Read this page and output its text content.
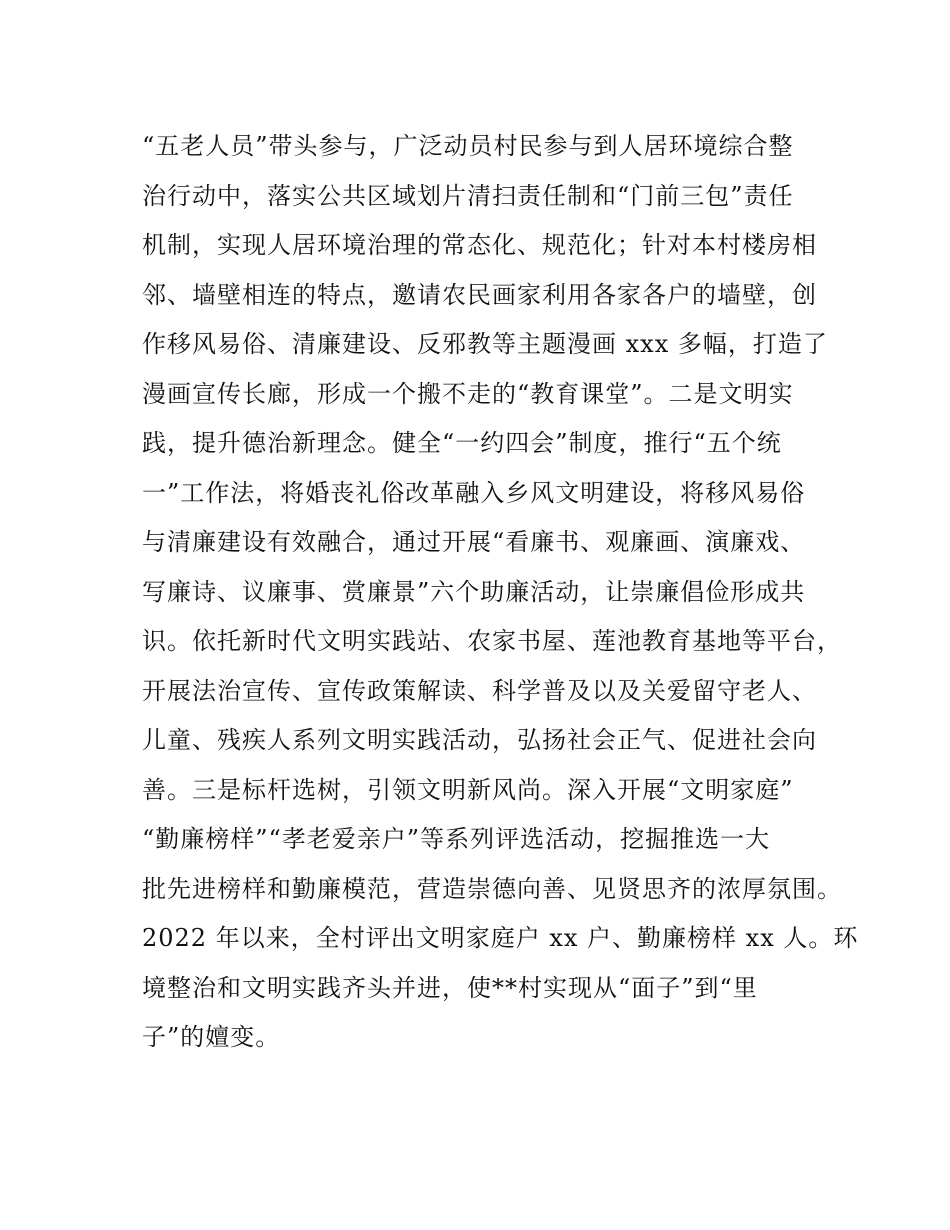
“五老人员”带头参与，广泛动员村民参与到人居环境综合整
治行动中，落实公共区域划片清扫责任制和“门前三包”责任
机制，实现人居环境治理的常态化、规范化；针对本村楼房相
邻、墙壁相连的特点，邀请农民画家利用各家各户的墙壁，创
作移风易俗、清廉建设、反邪教等主题漫画 xxx 多幅，打造了
漫画宣传长廊，形成一个搬不走的“教育课堂”。二是文明实
践，提升德治新理念。健全“一约四会”制度，推行“五个统
一”工作法，将婚丧礼俗改革融入乡风文明建设，将移风易俗
与清廉建设有效融合，通过开展“看廉书、观廉画、演廉戏、
写廉诗、议廉事、赏廉景”六个助廉活动，让崇廉倡俭形成共
识。依托新时代文明实践站、农家书屋、莲池教育基地等平台，
开展法治宣传、宣传政策解读、科学普及以及关爱留守老人、
儿童、残疾人系列文明实践活动，弘扬社会正气、促进社会向
善。三是标杆选树，引领文明新风尚。深入开展“文明家庭”
“勤廉榜样”“孝老爱亲户”等系列评选活动，挖掘推选一大
批先进榜样和勤廉模范，营造崇德向善、见贤思齐的浓厚氛围。
2022 年以来，全村评出文明家庭户 xx 户、勤廉榜样 xx 人。环
境整治和文明实践齐头并进，使**村实现从“面子”到“里
子”的嬗变。
